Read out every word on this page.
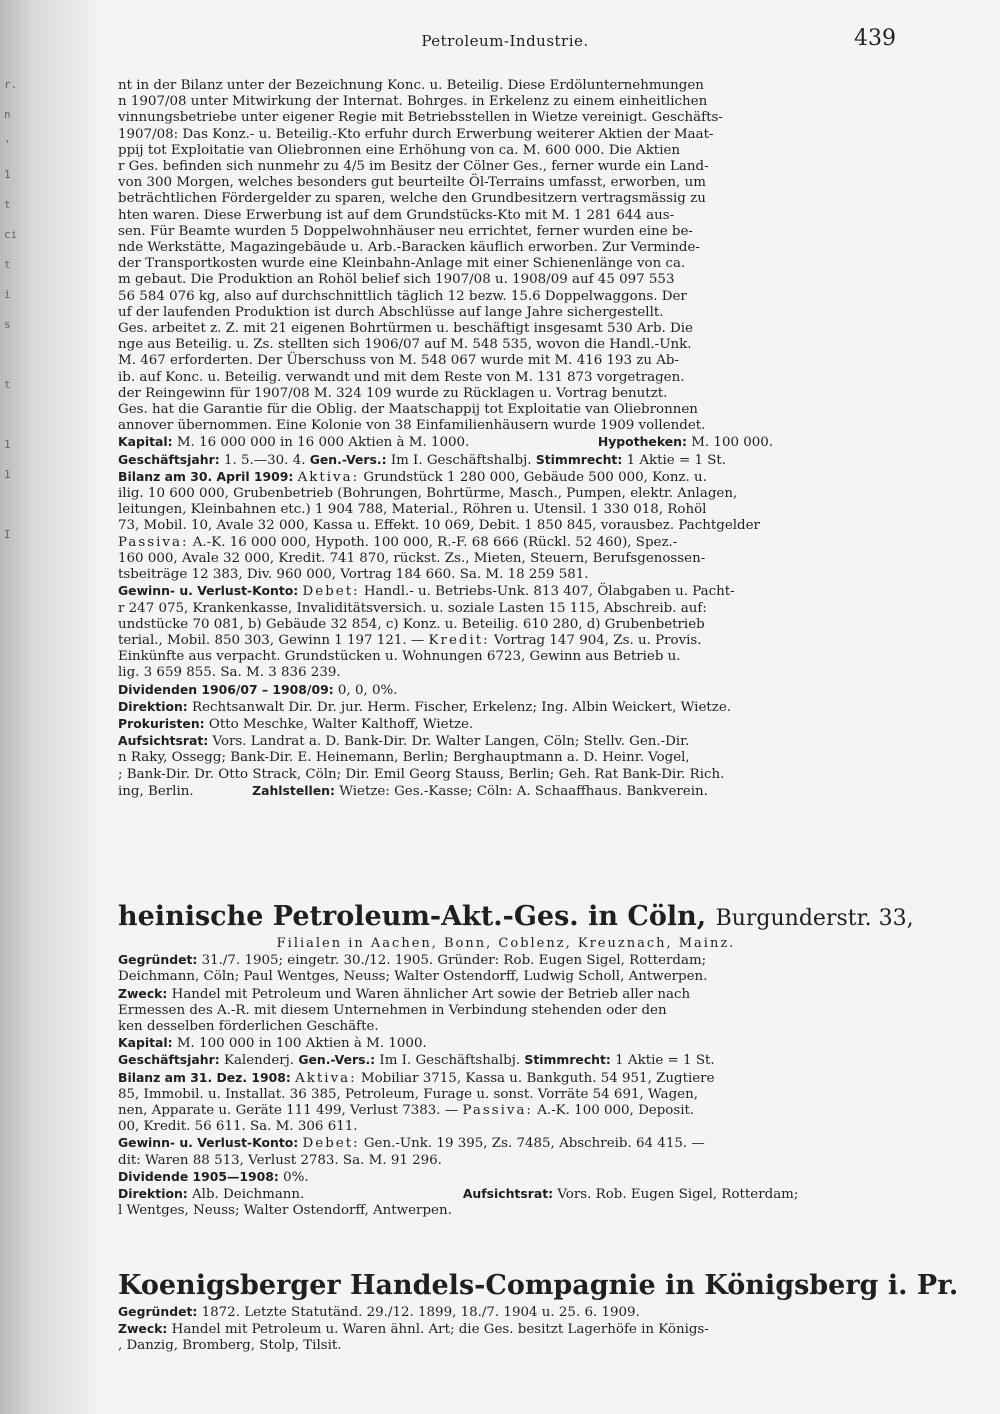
r.
n
'
1
t
ci
t
i
s

t

1
1

I
Petroleum-Industrie.	439

nt in der Bilanz unter der Bezeichnung Konc. u. Beteilig. Diese Erdölunternehmungen

n 1907/08 unter Mitwirkung der Internat. Bohrges. in Erkelenz zu einem einheitlichen

vinnungsbetriebe unter eigener Regie mit Betriebsstellen in Wietze vereinigt. Geschäfts-

1907/08: Das Konz.- u. Beteilig.-Kto erfuhr durch Erwerbung weiterer Aktien der Maat-

ppij tot Exploitatie van Oliebronnen eine Erhöhung von ca. M. 600 000. Die Aktien

r Ges. befinden sich nunmehr zu 4/5 im Besitz der Cölner Ges., ferner wurde ein Land-

von 300 Morgen, welches besonders gut beurteilte Öl-Terrains umfasst, erworben, um

beträchtlichen Fördergelder zu sparen, welche den Grundbesitzern vertragsmässig zu

hten waren. Diese Erwerbung ist auf dem Grundstücks-Kto mit M. 1 281 644 aus-

sen. Für Beamte wurden 5 Doppelwohnhäuser neu errichtet, ferner wurden eine be-

nde Werkstätte, Magazingebäude u. Arb.-Baracken käuflich erworben. Zur Verminde-

der Transportkosten wurde eine Kleinbahn-Anlage mit einer Schienenlänge von ca.

m gebaut. Die Produktion an Rohöl belief sich 1907/08 u. 1908/09 auf 45 097 553

56 584 076 kg, also auf durchschnittlich täglich 12 bezw. 15.6 Doppelwaggons. Der

uf der laufenden Produktion ist durch Abschlüsse auf lange Jahre sichergestellt.

Ges. arbeitet z. Z. mit 21 eigenen Bohrtürmen u. beschäftigt insgesamt 530 Arb. Die

nge aus Beteilig. u. Zs. stellten sich 1906/07 auf M. 548 535, wovon die Handl.-Unk.

M. 467 erforderten. Der Überschuss von M. 548 067 wurde mit M. 416 193 zu Ab-

ib. auf Konc. u. Beteilig. verwandt und mit dem Reste von M. 131 873 vorgetragen.

der Reingewinn für 1907/08 M. 324 109 wurde zu Rücklagen u. Vortrag benutzt.

Ges. hat die Garantie für die Oblig. der Maatschappij tot Exploitatie van Oliebronnen

annover übernommen. Eine Kolonie von 38 Einfamilienhäusern wurde 1909 vollendet.

Kapital: M. 16 000 000 in 16 000 Aktien à M. 1000.	Hypotheken: M. 100 000.

Geschäftsjahr: 1. 5.—30. 4. Gen.-Vers.: Im I. Geschäftshalbj. Stimmrecht: 1 Aktie = 1 St.

Bilanz am 30. April 1909: Aktiva: Grundstück 1 280 000, Gebäude 500 000, Konz. u.

ilig. 10 600 000, Grubenbetrieb (Bohrungen, Bohrtürme, Masch., Pumpen, elektr. Anlagen,

leitungen, Kleinbahnen etc.) 1 904 788, Material., Röhren u. Utensil. 1 330 018, Rohöl

73, Mobil. 10, Avale 32 000, Kassa u. Effekt. 10 069, Debit. 1 850 845, vorausbez. Pachtgelder

Passiva: A.-K. 16 000 000, Hypoth. 100 000, R.-F. 68 666 (Rückl. 52 460), Spez.-

160 000, Avale 32 000, Kredit. 741 870, rückst. Zs., Mieten, Steuern, Berufsgenossen-

tsbeiträge 12 383, Div. 960 000, Vortrag 184 660. Sa. M. 18 259 581.

Gewinn- u. Verlust-Konto: Debet: Handl.- u. Betriebs-Unk. 813 407, Ölabgaben u. Pacht-

r 247 075, Krankenkasse, Invaliditätsversich. u. soziale Lasten 15 115, Abschreib. auf:

undstücke 70 081, b) Gebäude 32 854, c) Konz. u. Beteilig. 610 280, d) Grubenbetrieb

terial., Mobil. 850 303, Gewinn 1 197 121. — Kredit: Vortrag 147 904, Zs. u. Provis.

Einkünfte aus verpacht. Grundstücken u. Wohnungen 6723, Gewinn aus Betrieb u.

lig. 3 659 855. Sa. M. 3 836 239.

Dividenden 1906/07 – 1908/09: 0, 0, 0%.

Direktion: Rechtsanwalt Dir. Dr. jur. Herm. Fischer, Erkelenz; Ing. Albin Weickert, Wietze.

Prokuristen: Otto Meschke, Walter Kalthoff, Wietze.

Aufsichtsrat: Vors. Landrat a. D. Bank-Dir. Dr. Walter Langen, Cöln; Stellv. Gen.-Dir.

n Raky, Ossegg; Bank-Dir. E. Heinemann, Berlin; Berghauptmann a. D. Heinr. Vogel,

; Bank-Dir. Dr. Otto Strack, Cöln; Dir. Emil Georg Stauss, Berlin; Geh. Rat Bank-Dir. Rich.

ing, Berlin.	Zahlstellen: Wietze: Ges.-Kasse; Cöln: A. Schaaffhaus. Bankverein.

heinische Petroleum-Akt.-Ges. in Cöln, Burgunderstr. 33,

Filialen in Aachen, Bonn, Coblenz, Kreuznach, Mainz.

Gegründet: 31./7. 1905; eingetr. 30./12. 1905. Gründer: Rob. Eugen Sigel, Rotterdam;

Deichmann, Cöln; Paul Wentges, Neuss; Walter Ostendorff, Ludwig Scholl, Antwerpen.

Zweck: Handel mit Petroleum und Waren ähnlicher Art sowie der Betrieb aller nach

Ermessen des A.-R. mit diesem Unternehmen in Verbindung stehenden oder den

ken desselben förderlichen Geschäfte.

Kapital: M. 100 000 in 100 Aktien à M. 1000.

Geschäftsjahr: Kalenderj. Gen.-Vers.: Im I. Geschäftshalbj. Stimmrecht: 1 Aktie = 1 St.

Bilanz am 31. Dez. 1908: Aktiva: Mobiliar 3715, Kassa u. Bankguth. 54 951, Zugtiere

85, Immobil. u. Installat. 36 385, Petroleum, Furage u. sonst. Vorräte 54 691, Wagen,

nen, Apparate u. Geräte 111 499, Verlust 7383. — Passiva: A.-K. 100 000, Deposit.

00, Kredit. 56 611. Sa. M. 306 611.

Gewinn- u. Verlust-Konto: Debet: Gen.-Unk. 19 395, Zs. 7485, Abschreib. 64 415. —

dit: Waren 88 513, Verlust 2783. Sa. M. 91 296.

Dividende 1905—1908: 0%.

Direktion: Alb. Deichmann.	Aufsichtsrat: Vors. Rob. Eugen Sigel, Rotterdam;

l Wentges, Neuss; Walter Ostendorff, Antwerpen.

Koenigsberger Handels-Compagnie in Königsberg i. Pr.

Gegründet: 1872. Letzte Statutänd. 29./12. 1899, 18./7. 1904 u. 25. 6. 1909.

Zweck: Handel mit Petroleum u. Waren ähnl. Art; die Ges. besitzt Lagerhöfe in Königs-

, Danzig, Bromberg, Stolp, Tilsit.
